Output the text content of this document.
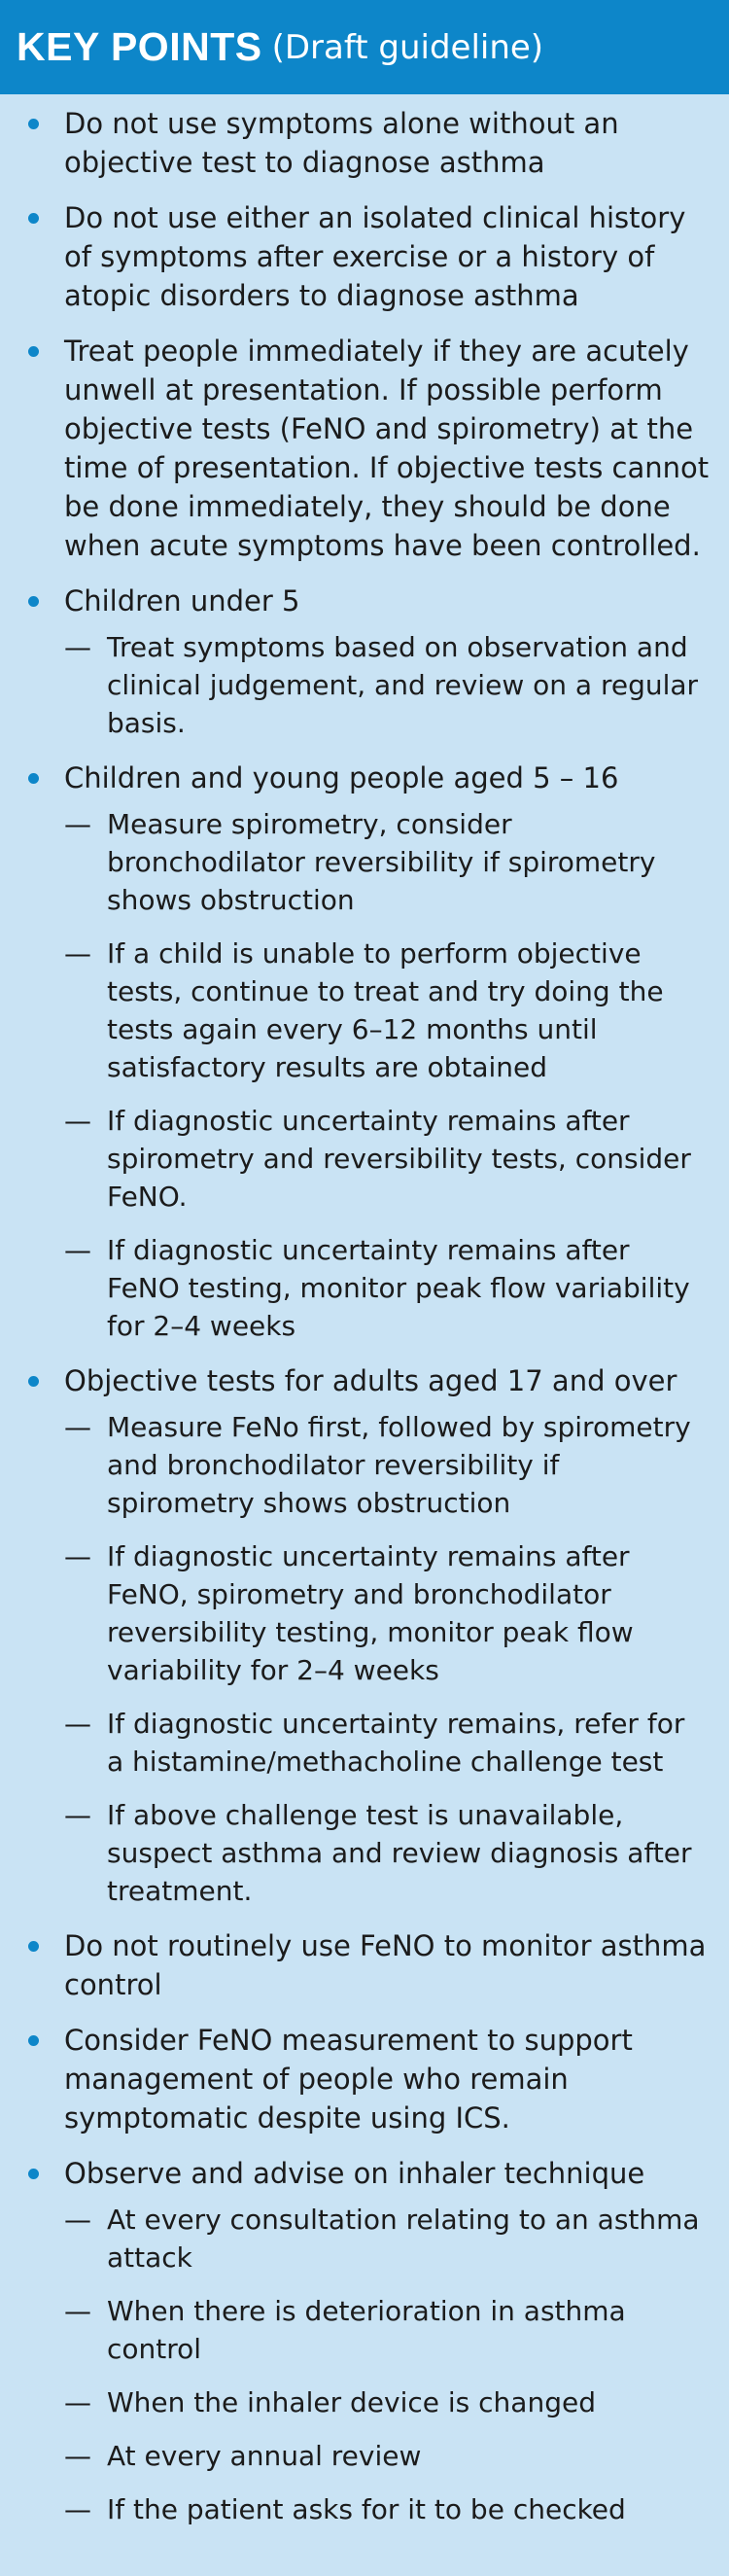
KEY POINTS (Draft guideline)
Do not use symptoms alone without an objective test to diagnose asthma
Do not use either an isolated clinical history of symptoms after exercise or a history of atopic disorders to diagnose asthma
Treat people immediately if they are acutely unwell at presentation. If possible perform objective tests (FeNO and spirometry) at the time of presentation. If objective tests cannot be done immediately, they should be done when acute symptoms have been controlled.
Children under 5
— Treat symptoms based on observation and clinical judgement, and review on a regular basis.
Children and young people aged 5 – 16
— Measure spirometry, consider bronchodilator reversibility if spirometry shows obstruction
— If a child is unable to perform objective tests, continue to treat and try doing the tests again every 6–12 months until satisfactory results are obtained
— If diagnostic uncertainty remains after spirometry and reversibility tests, consider FeNO.
— If diagnostic uncertainty remains after FeNO testing, monitor peak flow variability for 2–4 weeks
Objective tests for adults aged 17 and over
— Measure FeNo first, followed by spirometry and bronchodilator reversibility if spirometry shows obstruction
— If diagnostic uncertainty remains after FeNO, spirometry and bronchodilator reversibility testing, monitor peak flow variability for 2–4 weeks
— If diagnostic uncertainty remains, refer for a histamine/methacholine challenge test
— If above challenge test is unavailable, suspect asthma and review diagnosis after treatment.
Do not routinely use FeNO to monitor asthma control
Consider FeNO measurement to support management of people who remain symptomatic despite using ICS.
Observe and advise on inhaler technique
— At every consultation relating to an asthma attack
— When there is deterioration in asthma control
— When the inhaler device is changed
— At every annual review
— If the patient asks for it to be checked
